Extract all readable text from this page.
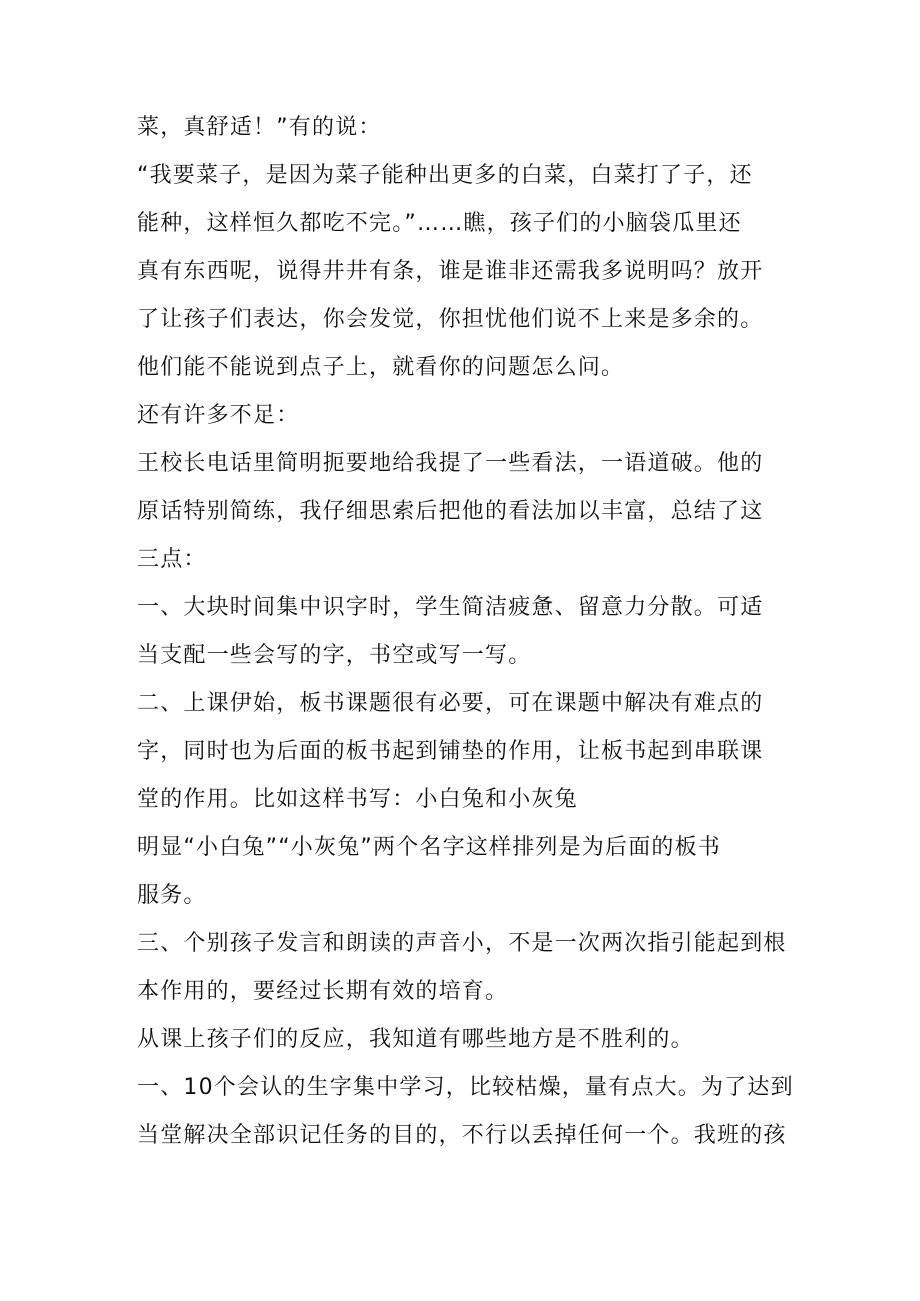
菜，真舒适！”有的说：
“我要菜子，是因为菜子能种出更多的白菜，白菜打了子，还
能种，这样恒久都吃不完。”……瞧，孩子们的小脑袋瓜里还
真有东西呢，说得井井有条，谁是谁非还需我多说明吗？放开
了让孩子们表达，你会发觉，你担忧他们说不上来是多余的。
他们能不能说到点子上，就看你的问题怎么问。
还有许多不足：
王校长电话里简明扼要地给我提了一些看法，一语道破。他的
原话特别简练，我仔细思索后把他的看法加以丰富，总结了这
三点：
一、大块时间集中识字时，学生简洁疲惫、留意力分散。可适
当支配一些会写的字，书空或写一写。
二、上课伊始，板书课题很有必要，可在课题中解决有难点的
字，同时也为后面的板书起到铺垫的作用，让板书起到串联课
堂的作用。比如这样书写：小白兔和小灰兔
明显“小白兔”“小灰兔”两个名字这样排列是为后面的板书
服务。
三、个别孩子发言和朗读的声音小，不是一次两次指引能起到根
本作用的，要经过长期有效的培育。
从课上孩子们的反应，我知道有哪些地方是不胜利的。
一、10个会认的生字集中学习，比较枯燥，量有点大。为了达到
当堂解决全部识记任务的目的，不行以丢掉任何一个。我班的孩
